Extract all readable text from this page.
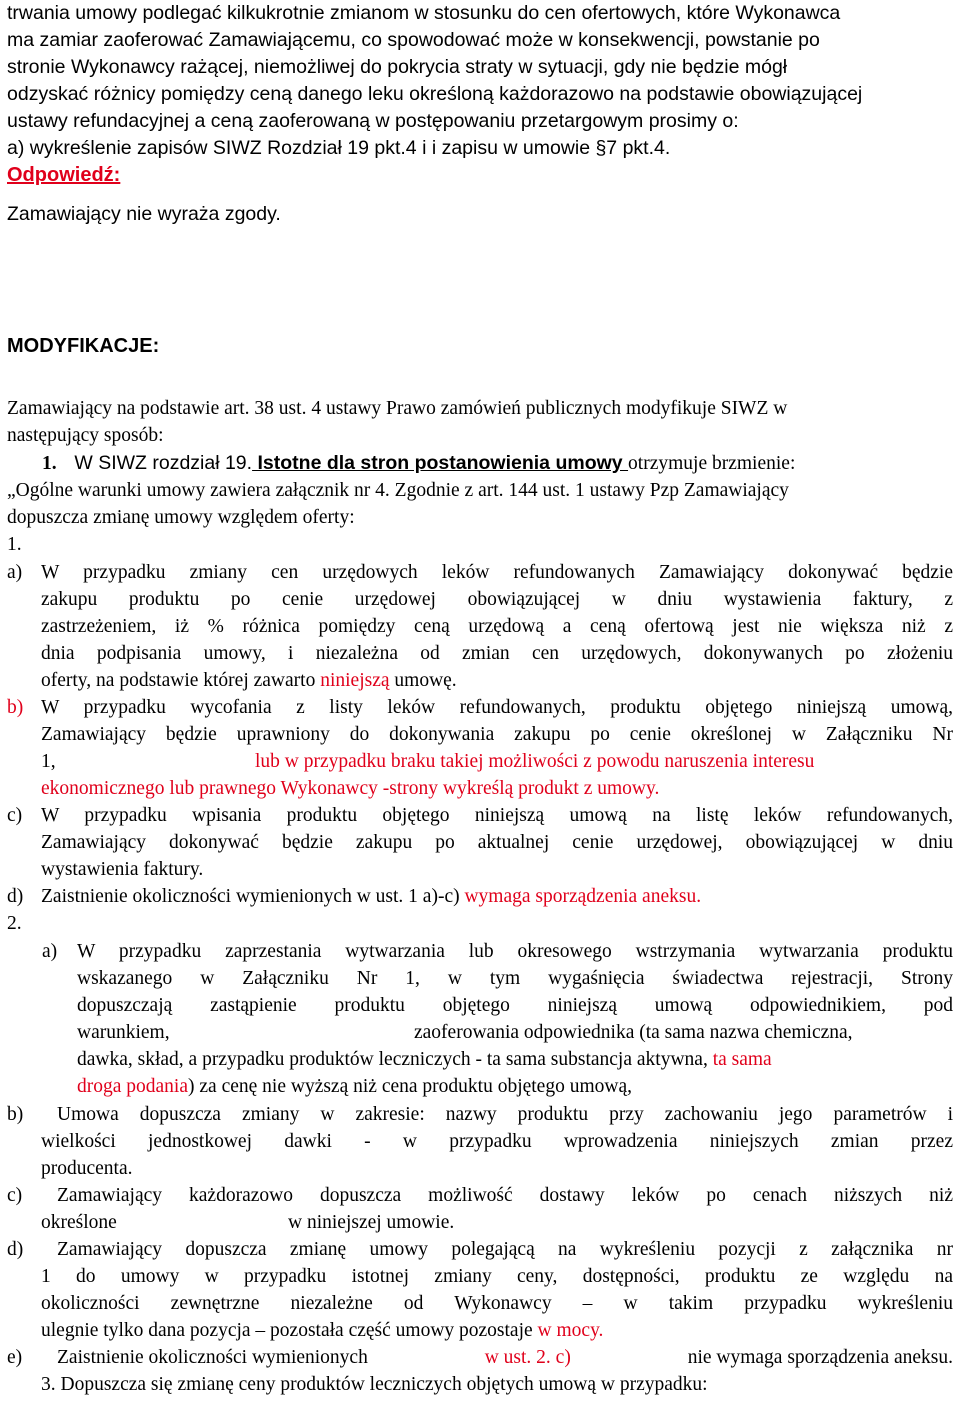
trwania umowy podlegać kilkukrotnie zmianom w stosunku do cen ofertowych, które Wykonawca
ma zamiar zaoferować Zamawiającemu, co spowodować może w konsekwencji, powstanie po
stronie Wykonawcy rażącej, niemożliwej do pokrycia straty w sytuacji, gdy nie będzie mógł
odzyskać różnicy pomiędzy ceną danego leku określoną każdorazowo na podstawie obowiązującej
ustawy refundacyjnej a ceną zaoferowaną w postępowaniu przetargowym prosimy o:
a) wykreślenie zapisów SIWZ Rozdział 19 pkt.4 i i zapisu w umowie §7 pkt.4.
Odpowiedź:
Zamawiający nie wyraża zgody.
MODYFIKACJE:
Zamawiający na podstawie art. 38 ust. 4 ustawy Prawo zamówień publicznych modyfikuje SIWZ w
następujący sposób:
1. W SIWZ rozdział 19. Istotne dla stron postanowienia umowy otrzymuje brzmienie:
„Ogólne warunki umowy zawiera załącznik nr 4. Zgodnie z art. 144 ust. 1 ustawy Pzp Zamawiający
dopuszcza zmianę umowy względem oferty:
1.
a) W przypadku zmiany cen urzędowych leków refundowanych Zamawiający dokonywać będzie
zakupu produktu po cenie urzędowej obowiązującej w dniu wystawienia faktury, z
zastrzeżeniem, iż % różnica pomiędzy ceną urzędową a ceną ofertową jest nie większa niż z
dnia podpisania umowy, i niezależna od zmian cen urzędowych, dokonywanych po złożeniu
oferty, na podstawie której zawarto niniejszą umowę.
b) W przypadku wycofania z listy leków refundowanych, produktu objętego niniejszą umową,
Zamawiający będzie uprawniony do dokonywania zakupu po cenie określonej w Załączniku Nr
1,	lub w przypadku braku takiej możliwości z powodu naruszenia interesu
ekonomicznego lub prawnego Wykonawcy -strony wykreślą produkt z umowy.
c) W przypadku wpisania produktu objętego niniejszą umową na listę leków refundowanych,
Zamawiający dokonywać będzie zakupu po aktualnej cenie urzędowej, obowiązującej w dniu
wystawienia faktury.
d) Zaistnienie okoliczności wymienionych w ust. 1 a)-c) wymaga sporządzenia aneksu.
2.
a) W przypadku zaprzestania wytwarzania lub okresowego wstrzymania wytwarzania produktu
wskazanego w Załączniku Nr 1, w tym wygaśnięcia świadectwa rejestracji, Strony
dopuszczają zastąpienie produktu objętego niniejszą umową odpowiednikiem, pod
warunkiem,	zaoferowania odpowiednika (ta sama nazwa chemiczna,
dawka, skład, a przypadku produktów leczniczych - ta sama substancja aktywna, ta sama
droga podania) za cenę nie wyższą niż cena produktu objętego umową,
b) Umowa dopuszcza zmiany w zakresie: nazwy produktu przy zachowaniu jego parametrów i
wielkości jednostkowej dawki - w przypadku wprowadzenia niniejszych zmian przez
producenta.
c) Zamawiający każdorazowo dopuszcza możliwość dostawy leków po cenach niższych niż
określone	w niniejszej umowie.
d) Zamawiający dopuszcza zmianę umowy polegającą na wykreśleniu pozycji z załącznika nr
1 do umowy w przypadku istotnej zmiany ceny, dostępności, produktu ze względu na
okoliczności zewnętrzne niezależne od Wykonawcy – w takim przypadku wykreśleniu
ulegnie tylko dana pozycja – pozostała część umowy pozostaje w mocy.
e) Zaistnienie okoliczności wymienionych	w ust. 2. c)	nie wymaga sporządzenia aneksu.
3. Dopuszcza się zmianę ceny produktów leczniczych objętych umową w przypadku:
